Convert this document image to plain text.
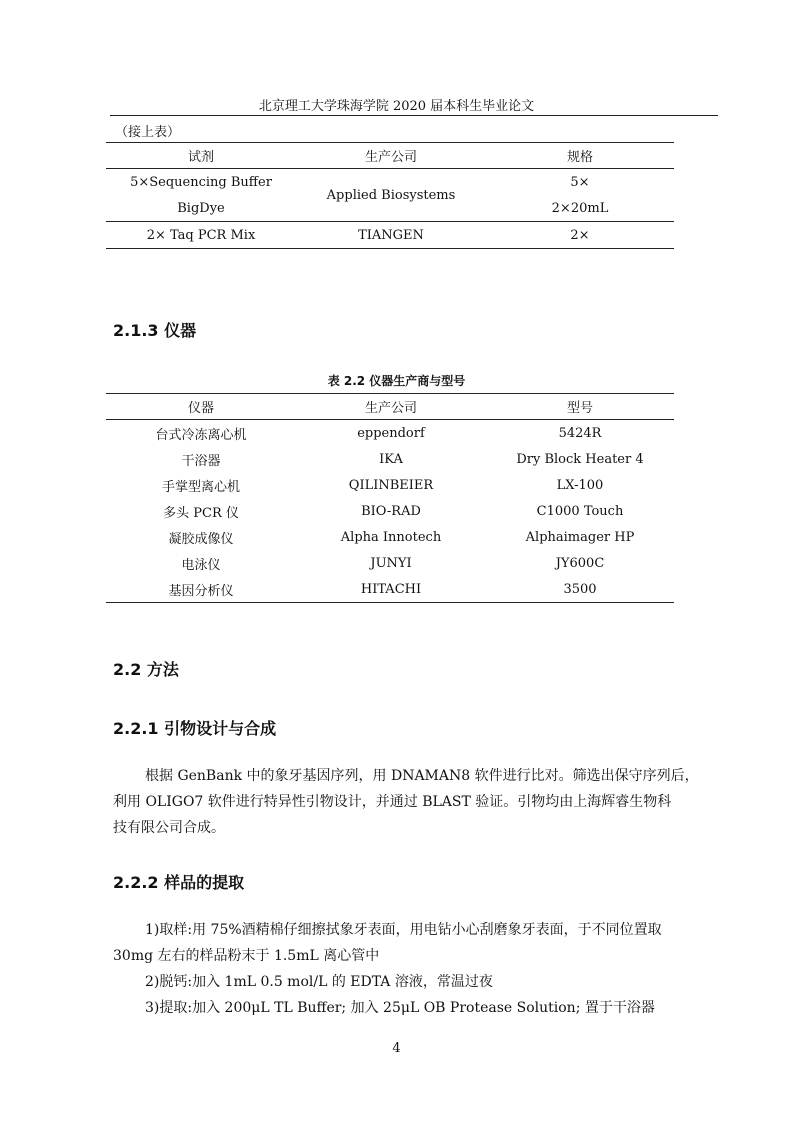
北京理工大学珠海学院 2020 届本科生毕业论文
（接上表）
试剂	生产公司	规格
5×Sequencing Buffer	Applied Biosystems	5×
BigDye		2×20mL
2× Taq PCR Mix	TIANGEN	2×
2.1.3 仪器
表 2.2 仪器生产商与型号
仪器	生产公司	型号
台式冷冻离心机	eppendorf	5424R
干浴器	IKA	Dry Block Heater 4
手掌型离心机	QILINBEIER	LX-100
多头 PCR 仪	BIO-RAD	C1000 Touch
凝胶成像仪	Alpha Innotech	Alphaimager HP
电泳仪	JUNYI	JY600C
基因分析仪	HITACHI	3500
2.2 方法
2.2.1 引物设计与合成
根据 GenBank 中的象牙基因序列，用 DNAMAN8 软件进行比对。筛选出保守序列后，
利用 OLIGO7 软件进行特异性引物设计，并通过 BLAST 验证。引物均由上海辉睿生物科
技有限公司合成。
2.2.2 样品的提取
1)取样:用 75%酒精棉仔细擦拭象牙表面，用电钻小心刮磨象牙表面，于不同位置取
30mg 左右的样品粉末于 1.5mL 离心管中
2)脱钙:加入 1mL 0.5 mol/L 的 EDTA 溶液，常温过夜
3)提取:加入 200μL TL Buffer; 加入 25μL OB Protease Solution; 置于干浴器
4
